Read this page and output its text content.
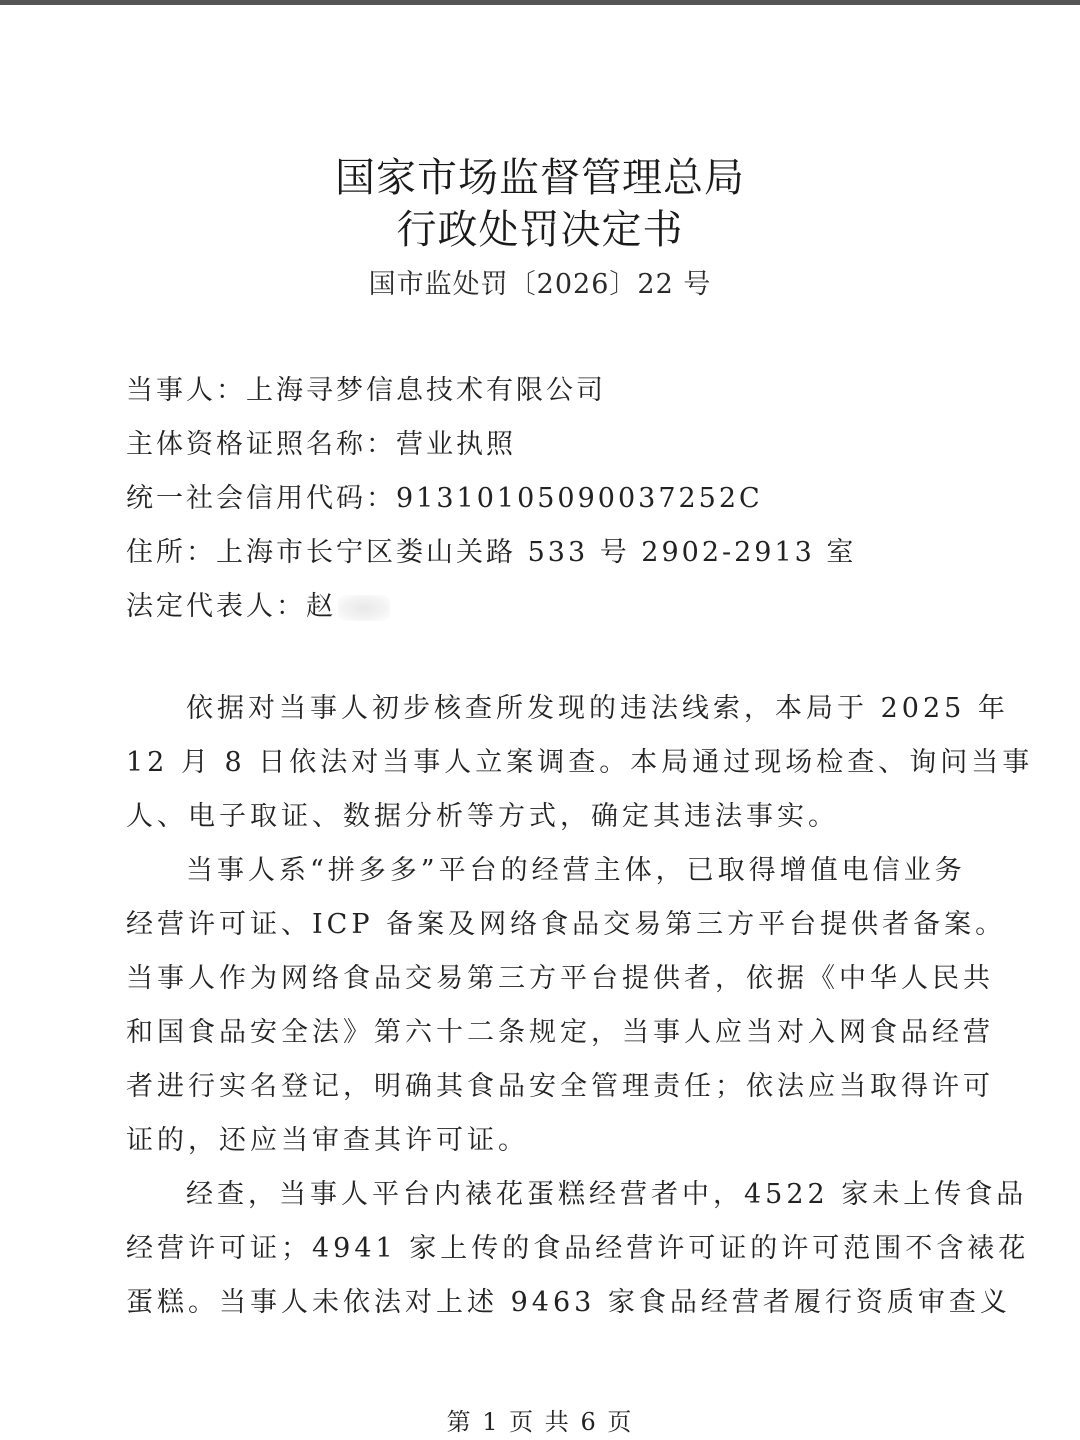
国家市场监督管理总局
行政处罚决定书
国市监处罚〔2026〕22 号
当事人：上海寻梦信息技术有限公司
主体资格证照名称：营业执照
统一社会信用代码：91310105090037252C
住所：上海市长宁区娄山关路 533 号 2902-2913 室
法定代表人：赵
依据对当事人初步核查所发现的违法线索，本局于 2025 年
12 月 8 日依法对当事人立案调查。本局通过现场检查、询问当事
人、电子取证、数据分析等方式，确定其违法事实。
当事人系“拼多多”平台的经营主体，已取得增值电信业务
经营许可证、ICP 备案及网络食品交易第三方平台提供者备案。
当事人作为网络食品交易第三方平台提供者，依据《中华人民共
和国食品安全法》第六十二条规定，当事人应当对入网食品经营
者进行实名登记，明确其食品安全管理责任；依法应当取得许可
证的，还应当审查其许可证。
经查，当事人平台内裱花蛋糕经营者中，4522 家未上传食品
经营许可证；4941 家上传的食品经营许可证的许可范围不含裱花
蛋糕。当事人未依法对上述 9463 家食品经营者履行资质审查义
第 1 页 共 6 页
